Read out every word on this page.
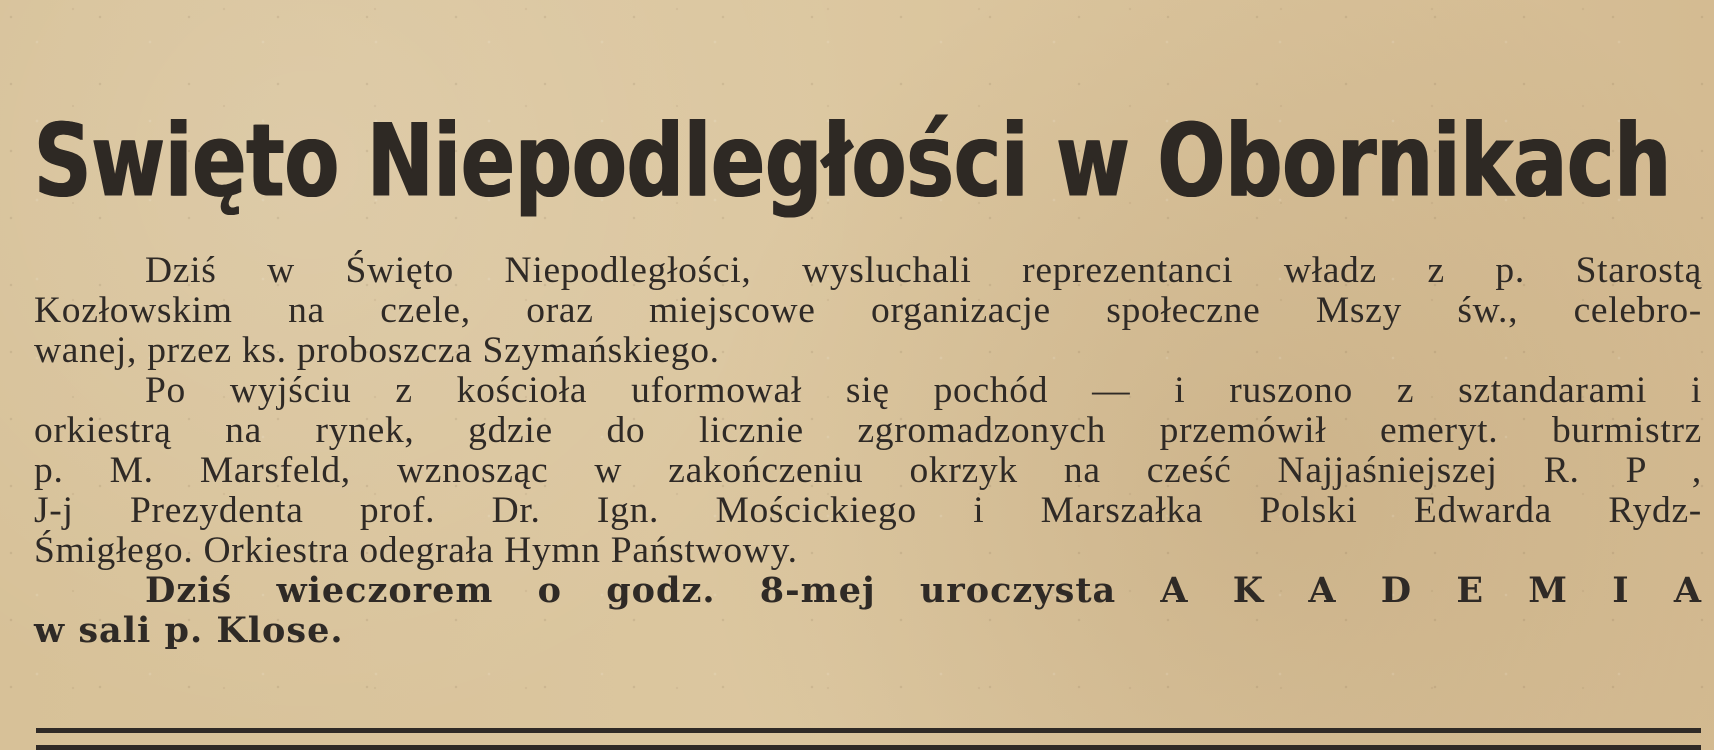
Swięto Niepodległości w Obornikach
Dziś w Święto Niepodległości, wysluchali reprezentanci władz z p. Starostą
Kozłowskim na czele, oraz miejscowe organizacje społeczne Mszy św., celebro-
wanej, przez ks. proboszcza Szymańskiego.
Po wyjściu z kościoła uformował się pochód — i ruszono z sztandarami i
orkiestrą na rynek, gdzie do licznie zgromadzonych przemówił emeryt. burmistrz
p. M. Marsfeld, wznosząc w zakończeniu okrzyk na cześć Najjaśniejszej R. P ,
J-j Prezydenta prof. Dr. Ign. Mościckiego i Marszałka Polski Edwarda Rydz-
Śmigłego. Orkiestra odegrała Hymn Państwowy.
Dziś wieczorem o godz. 8-mej uroczysta A K A D E M I A
w sali p. Klose.
